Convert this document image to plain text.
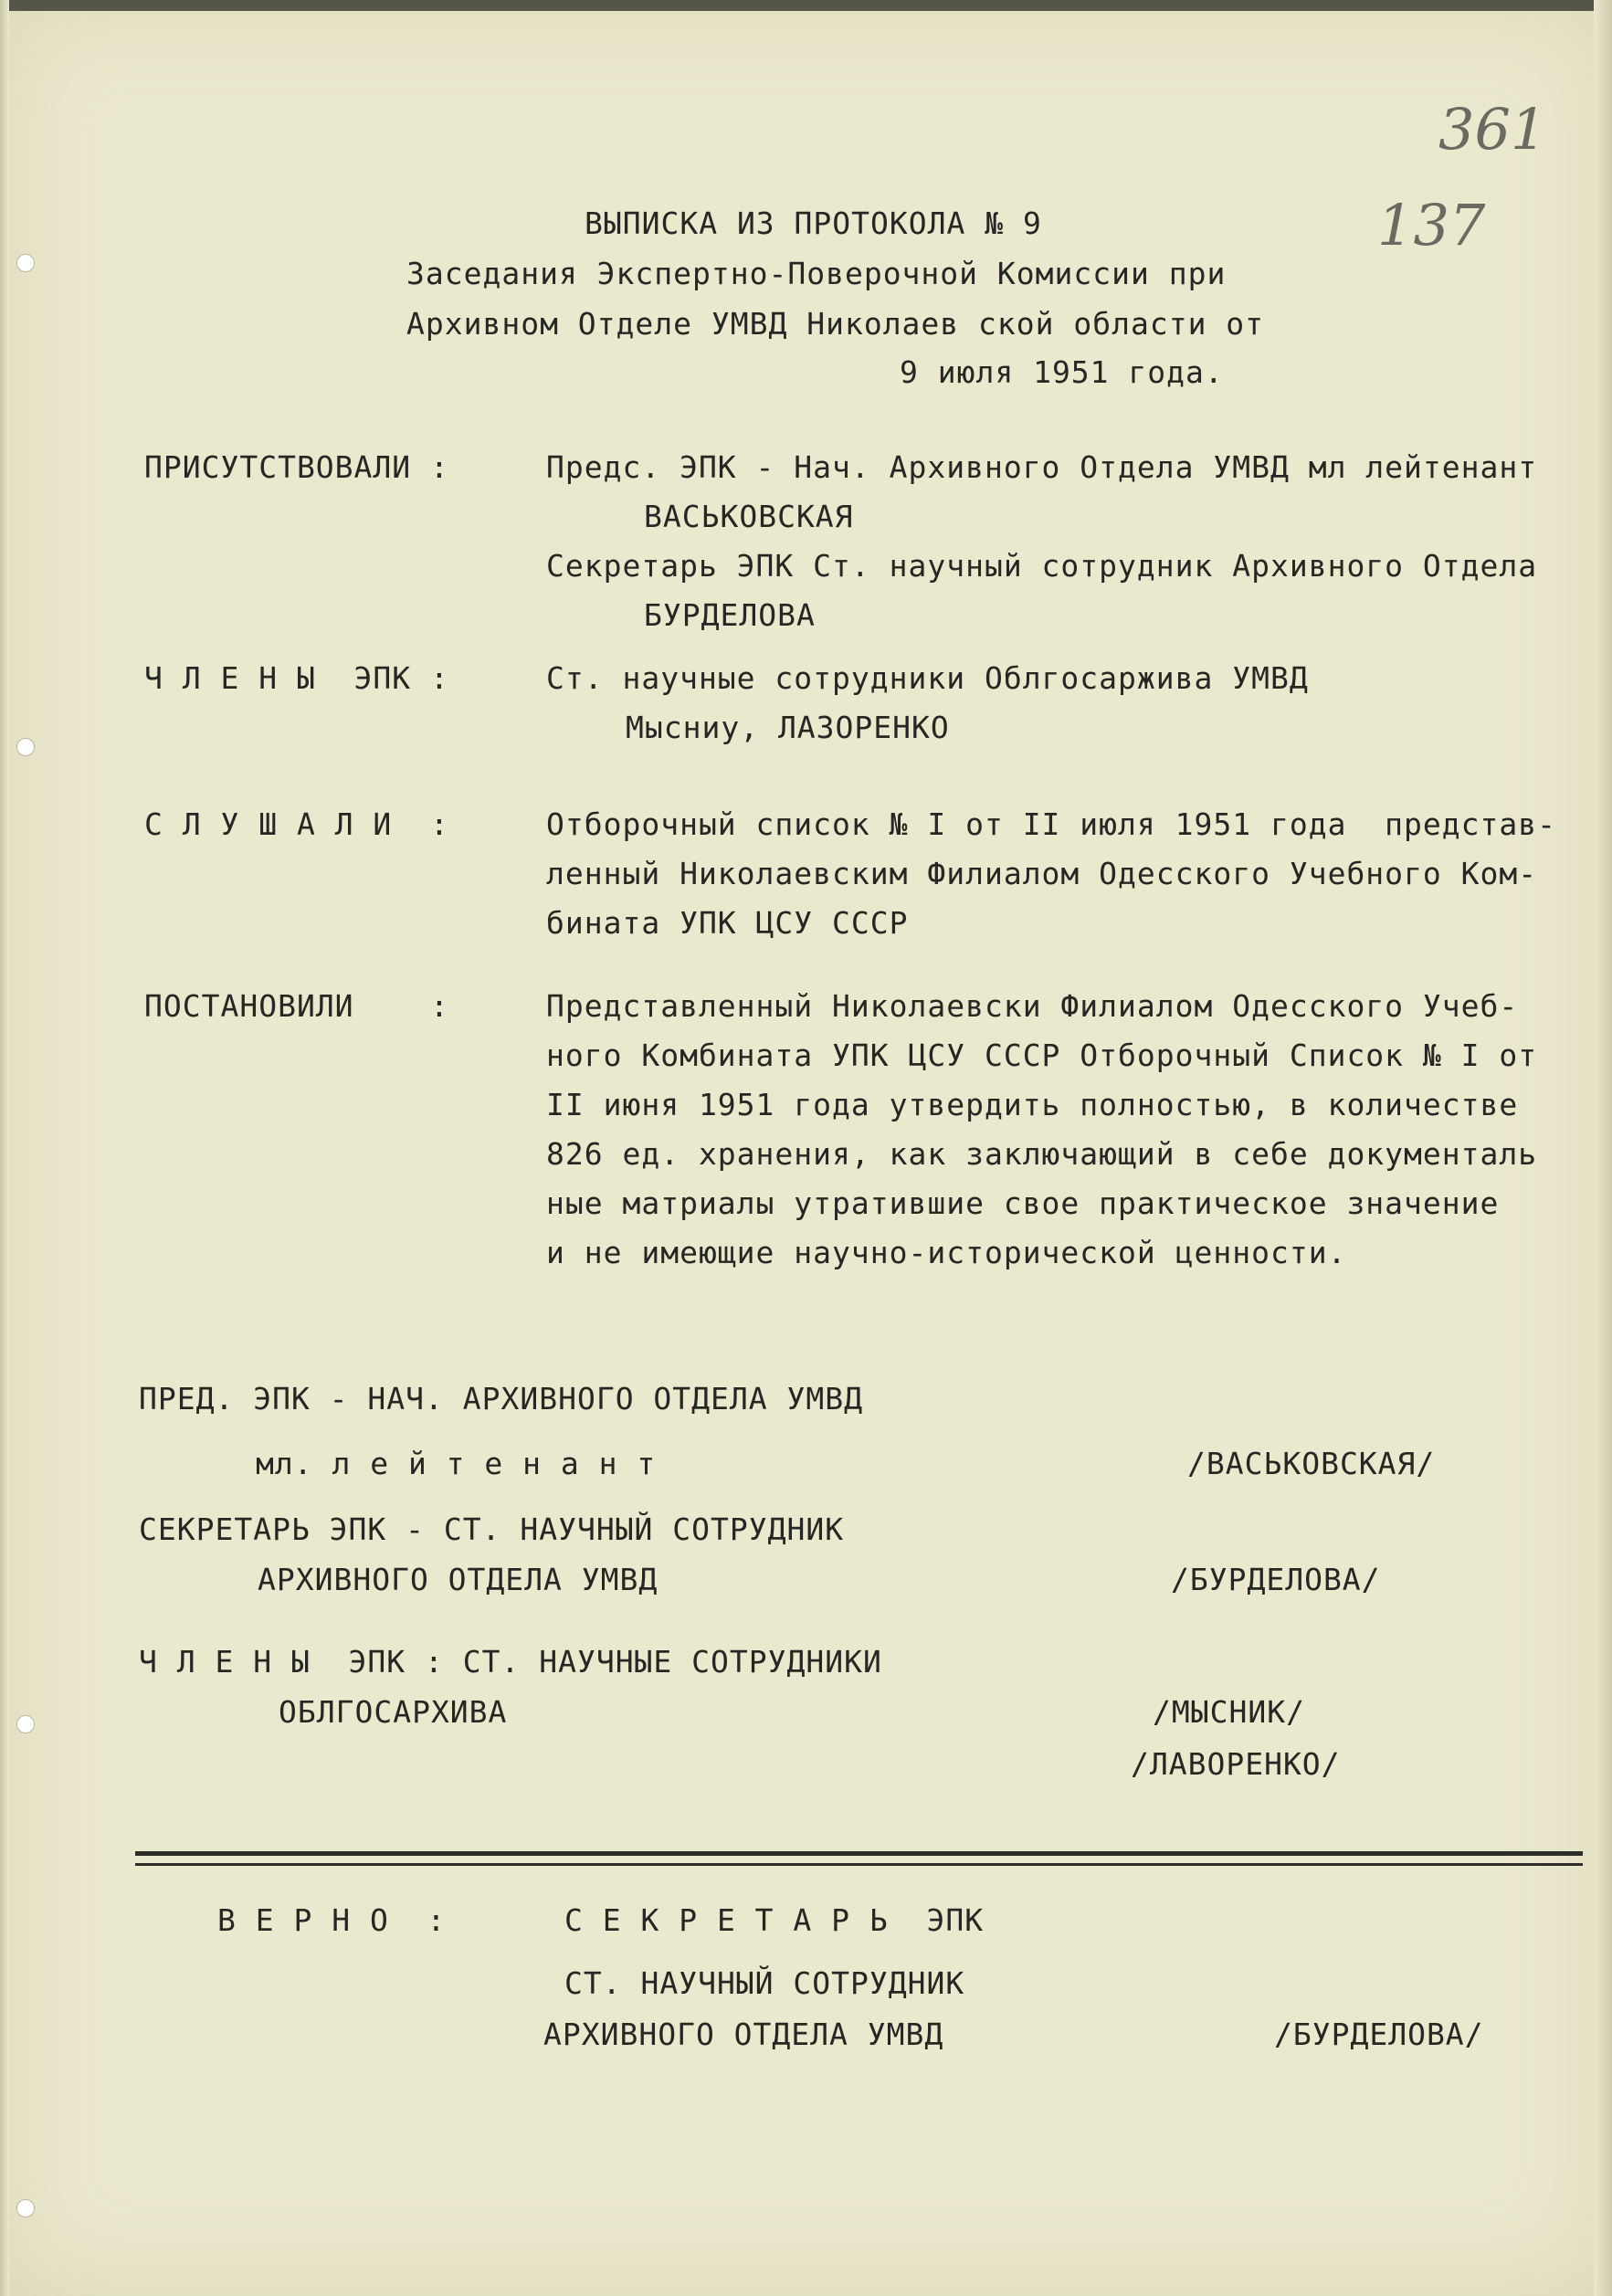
361
137
ВЫПИСКА ИЗ ПРОТОКОЛА № 9
Заседания Экспертно-Поверочной Комиссии при
Архивном Отделе УМВД Николаев ской области от
9 июля 1951 года.
ПРИСУТСТВОВАЛИ :	Предс. ЭПК - Нач. Архивного Отдела УМВД мл лейтенант
ВАСЬКОВСКАЯ
Секретарь ЭПК Ст. научный сотрудник Архивного Отдела
БУРДЕЛОВА
Ч Л Е Н Ы  ЭПК :	Ст. научные сотрудники Облгосаржива УМВД
Мысниу, ЛАЗОРЕНКО
С Л У Ш А Л И  :	Отборочный список № I от II июля 1951 года  представ-
ленный Николаевским Филиалом Одесского Учебного Ком-
бината УПК ЦСУ СССР
ПОСТАНОВИЛИ    :	Представленный Николаевски Филиалом Одесского Учеб-
ного Комбината УПК ЦСУ СССР Отборочный Список № I от
II июня 1951 года утвердить полностью, в количестве
826 ед. хранения, как заключающий в себе документаль
ные матриалы утратившие свое практическое значение
и не имеющие научно-исторической ценности.
ПРЕД. ЭПК - НАЧ. АРХИВНОГО ОТДЕЛА УМВД
мл. л е й т е н а н т	/ВАСЬКОВСКАЯ/
СЕКРЕТАРЬ ЭПК - СТ. НАУЧНЫЙ СОТРУДНИК
АРХИВНОГО ОТДЕЛА УМВД	/БУРДЕЛОВА/
Ч Л Е Н Ы  ЭПК : СТ. НАУЧНЫЕ СОТРУДНИКИ
ОБЛГОСАРХИВА	/МЫСНИК/
/ЛАВОРЕНКО/
В Е Р Н О  :	С Е К Р Е Т А Р Ь  ЭПК
СТ. НАУЧНЫЙ СОТРУДНИК
АРХИВНОГО ОТДЕЛА УМВД	/БУРДЕЛОВА/
